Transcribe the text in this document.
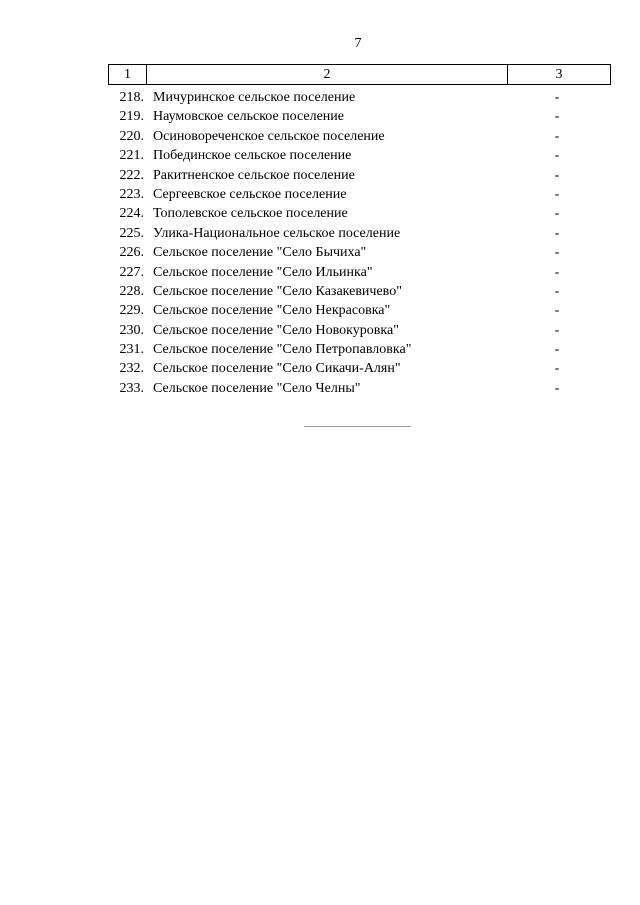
7
1	2	3
218. Мичуринское сельское поселение	-
219. Наумовское сельское поселение	-
220. Осиновореченское сельское поселение	-
221. Побединское сельское поселение	-
222. Ракитненское сельское поселение	-
223. Сергеевское сельское поселение	-
224. Тополевское сельское поселение	-
225. Улика-Национальное сельское поселение	-
226. Сельское поселение "Село Бычиха"	-
227. Сельское поселение "Село Ильинка"	-
228. Сельское поселение "Село Казакевичево"	-
229. Сельское поселение "Село Некрасовка"	-
230. Сельское поселение "Село Новокуровка"	-
231. Сельское поселение "Село Петропавловка"	-
232. Сельское поселение "Село Сикачи-Алян"	-
233. Сельское поселение "Село Челны"	-
